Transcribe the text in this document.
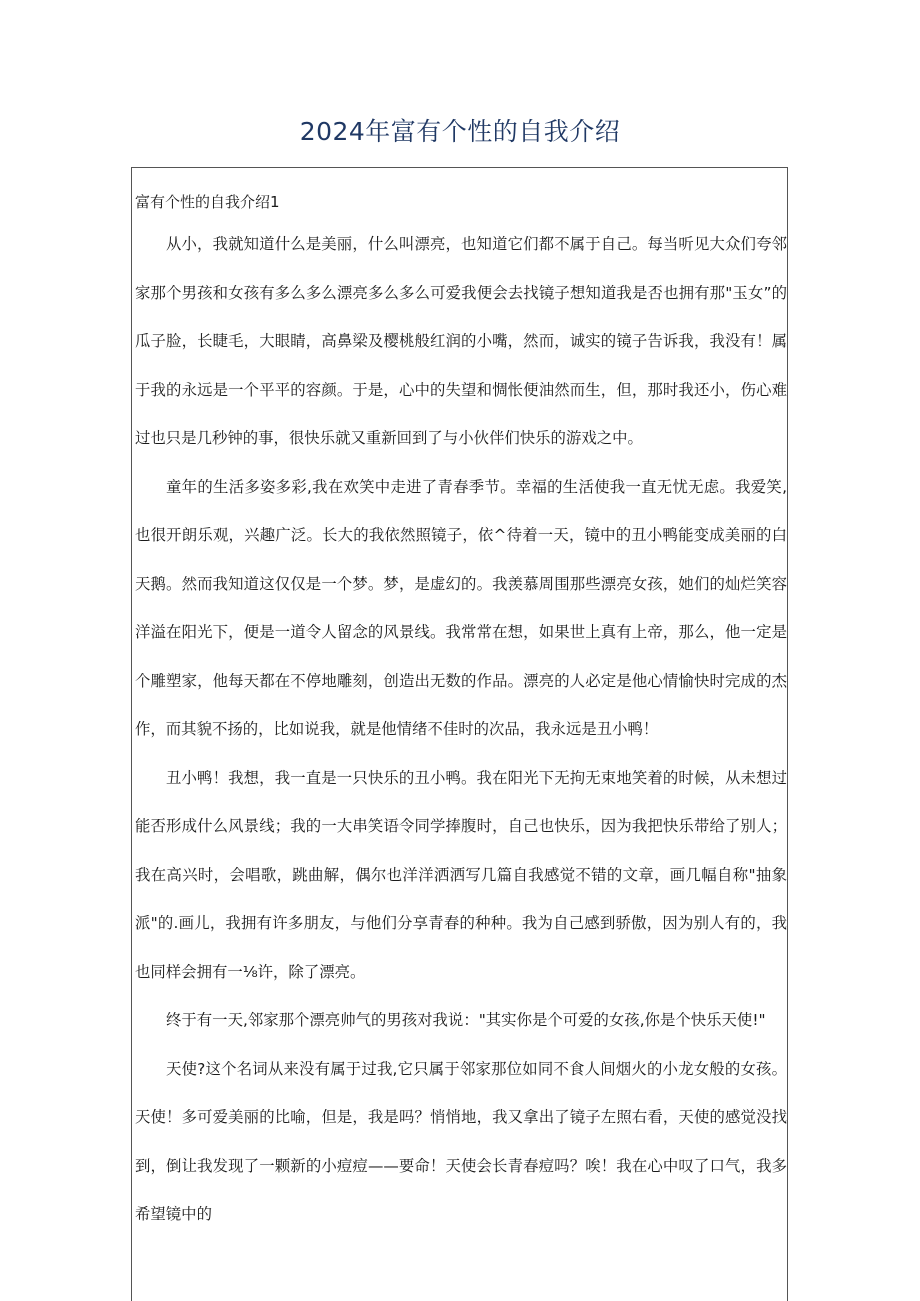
2024年富有个性的自我介绍
富有个性的自我介绍1

从小，我就知道什么是美丽，什么叫漂亮，也知道它们都不属于自己。每当听见大众们夸邻家那个男孩和女孩有多么多么漂亮多么多么可爱我便会去找镜子想知道我是否也拥有那"玉女”的瓜子脸，长睫毛，大眼睛，高鼻梁及樱桃般红润的小嘴，然而，诚实的镜子告诉我，我没有！属于我的永远是一个平平的容颜。于是，心中的失望和惆怅便油然而生，但，那时我还小，伤心难过也只是几秒钟的事，很快乐就又重新回到了与小伙伴们快乐的游戏之中。

童年的生活多姿多彩,我在欢笑中走进了青春季节。幸福的生活使我一直无忧无虑。我爱笑,也很开朗乐观，兴趣广泛。长大的我依然照镜子，依^待着一天，镜中的丑小鸭能变成美丽的白天鹅。然而我知道这仅仅是一个梦。梦，是虚幻的。我羡慕周围那些漂亮女孩，她们的灿烂笑容洋溢在阳光下，便是一道令人留念的风景线。我常常在想，如果世上真有上帝，那么，他一定是个雕塑家，他每天都在不停地雕刻，创造出无数的作品。漂亮的人必定是他心情愉快时完成的杰作，而其貌不扬的，比如说我，就是他情绪不佳时的次品，我永远是丑小鸭！

丑小鸭！我想，我一直是一只快乐的丑小鸭。我在阳光下无拘无束地笑着的时候，从未想过能否形成什么风景线；我的一大串笑语令同学捧腹时，自己也快乐，因为我把快乐带给了别人；我在高兴时，会唱歌，跳曲解，偶尔也洋洋洒洒写几篇自我感觉不错的文章，画几幅自称"抽象派"的.画儿，我拥有许多朋友，与他们分享青春的种种。我为自己感到骄傲，因为别人有的，我也同样会拥有一⅛许，除了漂亮。

终于有一天,邻家那个漂亮帅气的男孩对我说："其实你是个可爱的女孩,你是个快乐天使!"

天使?这个名词从来没有属于过我,它只属于邻家那位如同不食人间烟火的小龙女般的女孩。天使！多可爱美丽的比喻，但是，我是吗？悄悄地，我又拿出了镜子左照右看，天使的感觉没找到，倒让我发现了一颗新的小痘痘——要命！天使会长青春痘吗？唉！我在心中叹了口气，我多希望镜中的
